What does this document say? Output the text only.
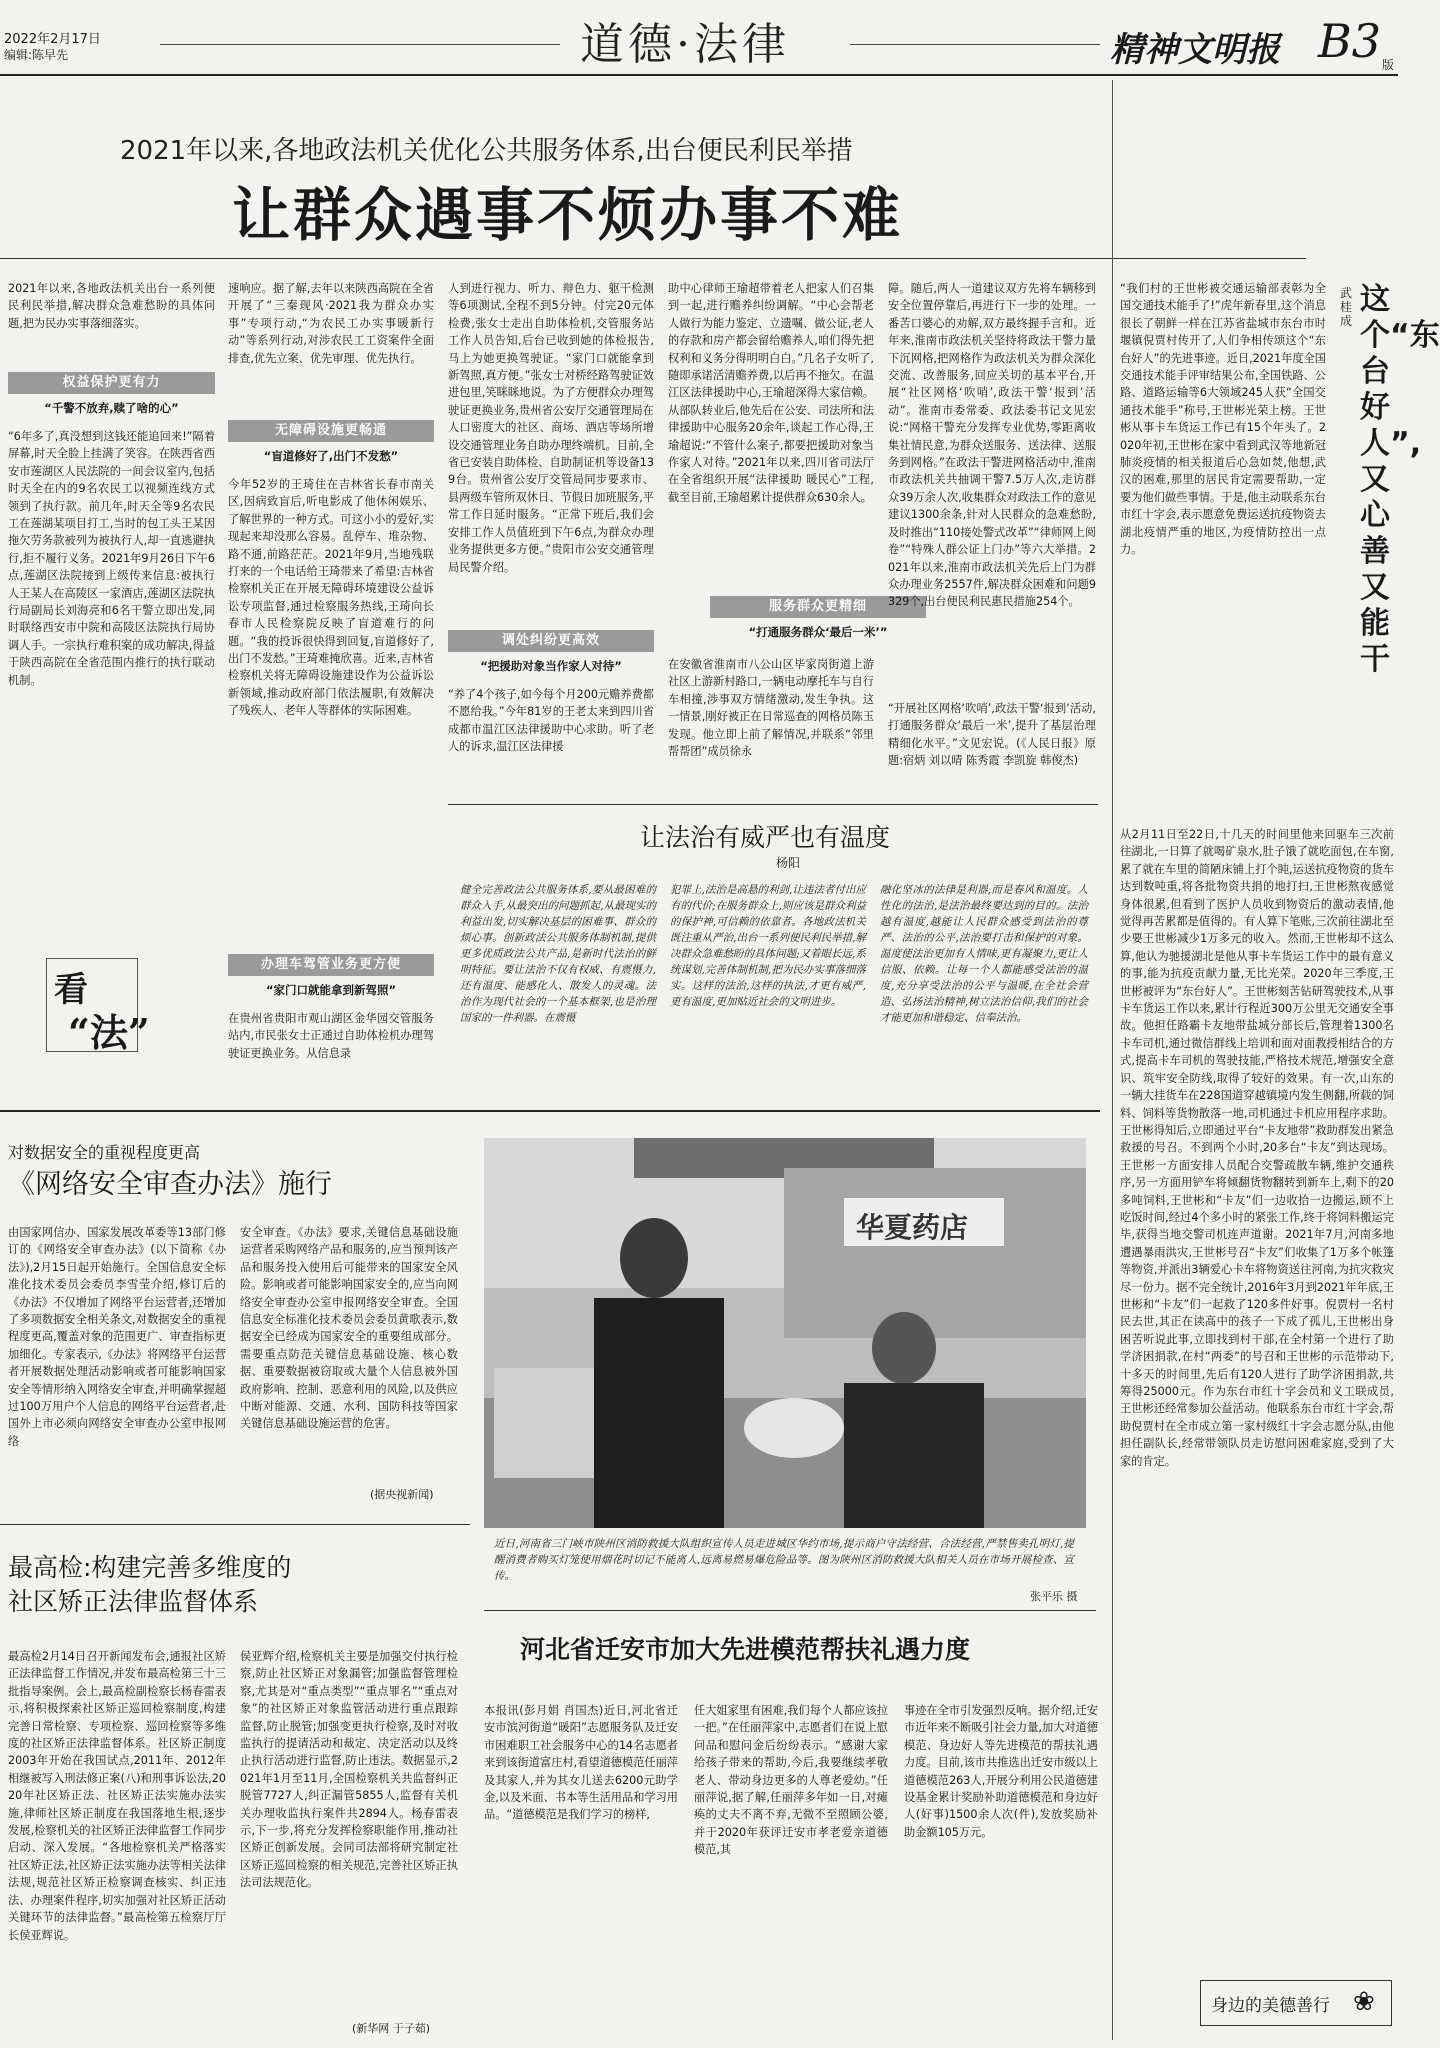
2022年2月17日
编辑:陈早先	道德·法律	精神文明报 B3 版
2021年以来,各地政法机关优化公共服务体系,出台便民利民举措
让群众遇事不烦办事不难
2021年以来,各地政法机关出台一系列便民利民举措,解决群众急难愁盼的具体问题,把为民办实事落细落实。
权益保护更有力
“千警不放弃,赎了啥的心”
“6年多了,真没想到这钱还能追回来!”隔着屏幕,时天全脸上挂满了笑容。在陕西省西安市莲湖区人民法院的一间会议室内,包括时天全在内的9名农民工以视频连线方式领到了执行款。前几年,时天全等9名农民工在莲湖某项目打工,当时的包工头王某因拖欠劳务款被列为被执行人,却一直逃避执行,拒不履行义务。2021年9月26日下午6点,莲湖区法院接到上级传来信息:被执行人王某人在高陵区一家酒店,莲湖区法院执行局副局长刘海亮和6名干警立即出发,同时联络西安市中院和高陵区法院执行局协调人手。一宗执行难积案的成功解决,得益于陕西高院在全省范围内推行的执行联动机制。
速响应。据了解,去年以来陕西高院在全省开展了“三秦现风·2021我为群众办实事”专项行动,“为农民工办实事暖新行动”等系列行动,对涉农民工工资案件全面排查,优先立案、优先审理、优先执行。
无障碍设施更畅通
“盲道修好了,出门不发愁”
今年52岁的王琦住在吉林省长春市南关区,因病致盲后,听电影成了他休闲娱乐、了解世界的一种方式。可这小小的爱好,实现起来却没那么容易。乱停车、堆杂物、路不通,前路茫茫。2021年9月,当地残联打来的一个电话给王琦带来了希望:吉林省检察机关正在开展无障碍环境建设公益诉讼专项监督,通过检察服务热线,王琦向长春市人民检察院反映了盲道难行的问题。“我的投诉很快得到回复,盲道修好了,出门不发愁。”王琦难掩欣喜。近来,吉林省检察机关将无障碍设施建设作为公益诉讼新领域,推动政府部门依法履职,有效解决了残疾人、老年人等群体的实际困难。
办理车驾管业务更方便
“家门口就能拿到新驾照”
在贵州省贵阳市观山湖区金华园交管服务站内,市民张女士正通过自助体检机办理驾驶证更换业务。从信息录
人到进行视力、听力、辩色力、躯干检测等6项测试,全程不到5分钟。付完20元体检费,张女士走出自助体检机,交管服务站工作人员告知,后台已收到她的体检报告,马上为她更换驾驶证。“家门口就能拿到新驾照,真方便。”张女士对桥经路驾驶证效进包里,笑眯眯地说。为了方便群众办理驾驶证更换业务,贵州省公安厅交通管理局在人口密度大的社区、商场、酒店等场所增设交通管理业务自助办理终端机。目前,全省已安装自助体检、自助制证机等设备139台。贵州省公安厅交管局同步要求市、县两级车管所双休日、节假日加班服务,平常工作日延时服务。“正常下班后,我们会安排工作人员值班到下午6点,为群众办理业务提供更多方便。”贵阳市公安交通管理局民警介绍。
调处纠纷更高效
“把援助对象当作家人对待”
“养了4个孩子,如今每个月200元赡养费都不愿给我。”今年81岁的王老太来到四川省成都市温江区法律援助中心求助。听了老人的诉求,温江区法律援
助中心律师王瑜超带着老人把家人们召集到一起,进行赡养纠纷调解。“中心会帮老人做行为能力鉴定、立遗嘱、做公证,老人的存款和房产都会留给赡养人,咱们得先把权利和义务分得明明白白。”几名子女听了,随即承诺活清赡养费,以后再不拖欠。在温江区法律援助中心,王瑜超深得大家信赖。从部队转业后,他先后在公安、司法所和法律援助中心服务20余年,谈起工作心得,王瑜超说:“不管什么案子,都要把援助对象当作家人对待。”2021年以来,四川省司法厅在全省组织开展“法律援助 暖民心”工程,截至目前,王瑜超累计提供群众630余人。
服务群众更精细
“打通服务群众‘最后一米’”
在安徽省淮南市八公山区毕家岗街道上游社区上游新村路口,一辆电动摩托车与自行车相撞,涉事双方情绪激动,发生争执。这一情景,刚好被正在日常巡查的网格员陈玉发现。他立即上前了解情况,并联系“邻里帮帮团”成员徐永
障。随后,两人一道建议双方先将车辆移到安全位置停靠后,再进行下一步的处理。一番苦口婆心的劝解,双方最终握手言和。近年来,淮南市政法机关坚持将政法干警力量下沉网格,把网格作为政法机关为群众深化交流、改善服务,回应关切的基本平台,开展“社区网格‘吹哨’,政法干警‘报到’活动”。淮南市委常委、政法委书记文见宏说:“网格干警充分发挥专业优势,零距离收集社情民意,为群众送服务、送法律、送服务到网格。”在政法干警进网格活动中,淮南市政法机关共抽调干警7.5万人次,走访群众39万余人次,收集群众对政法工作的意见建议1300余条,针对人民群众的急难愁盼,及时推出“110接处警式改革”“律师网上阅卷”“特殊人群公证上门办”等六大举措。2021年以来,淮南市政法机关先后上门为群众办理业务2557件,解决群众困难和问题9329个,出台便民利民惠民措施254个。
“开展社区网格‘吹哨’,政法干警‘报到’活动,打通服务群众‘最后一米’,提升了基层治理精细化水平。”文见宏说。(《人民日报》原题:宿炳 刘以晴 陈秀霞 李凯旋 韩俊杰)
让法治有威严也有温度
杨阳
健全完善政法公共服务体系,要从最困难的群众入手,从最突出的问题抓起,从最现实的利益出发,切实解决基层的困难事、群众的烦心事。创新政法公共服务体制机制,提供更多优质政法公共产品,是新时代法治的鲜明特征。要让法治不仅有权威、有震慑力,还有温度、能感化人、散发人的灵魂。法治作为现代社会的一个基本框架,也是治理国家的一件利器。在震慑
犯罪上,法治是高悬的利剑,让违法者付出应有的代价;在服务群众上,则应该是群众利益的保护神,可信赖的依靠者。各地政法机关既注重从严治,出台一系列便民利民举措,解决群众急难愁盼的具体问题;又着眼长远,系统谋划,完善体制机制,把为民办实事落细落实。这样的法治,这样的执法,才更有威严,更有温度,更加贴近社会的文明进步。
融化坚冰的法律是利器,而是春风和温度。人性化的法治,是法治最终要达到的目的。法治越有温度,越能让人民群众感受到法治的尊严、法治的公平,法治要打击和保护的对象。温度使法治更加有人情味,更有凝聚力,更让人信服、依赖。让每一个人都能感受法治的温度,充分享受法治的公平与温暖,在全社会营造、弘扬法治精神,树立法治信仰,我们的社会才能更加和谐稳定、信奉法治。
看
“法”
对数据安全的重视程度更高
《网络安全审查办法》施行
由国家网信办、国家发展改革委等13部门修订的《网络安全审查办法》(以下简称《办法》),2月15日起开始施行。全国信息安全标准化技术委员会委员李雪莹介绍,修订后的《办法》不仅增加了网络平台运营者,还增加了多项数据安全相关条文,对数据安全的重视程度更高,覆盖对象的范围更广、审查指标更加细化。专家表示,《办法》将网络平台运营者开展数据处理活动影响或者可能影响国家安全等情形纳入网络安全审查,并明确掌握超过100万用户个人信息的网络平台运营者,赴国外上市必须向网络安全审查办公室申报网络
安全审查。《办法》要求,关键信息基础设施运营者采购网络产品和服务的,应当预判该产品和服务投入使用后可能带来的国家安全风险。影响或者可能影响国家安全的,应当向网络安全审查办公室申报网络安全审查。全国信息安全标准化技术委员会委员黄歌表示,数据安全已经成为国家安全的重要组成部分。需要重点防范关键信息基础设施、核心数据、重要数据被窃取或大量个人信息被外国政府影响、控制、恶意利用的风险,以及供应中断对能源、交通、水利、国防科技等国家关键信息基础设施运营的危害。
(据央视新闻)
最高检:构建完善多维度的
社区矫正法律监督体系
最高检2月14日召开新闻发布会,通报社区矫正法律监督工作情况,并发布最高检第三十三批指导案例。会上,最高检副检察长杨春雷表示,将积极探索社区矫正巡回检察制度,构建完善日常检察、专项检察、巡回检察等多维度的社区矫正法律监督体系。社区矫正制度2003年开始在我国试点,2011年、2012年相继被写入刑法修正案(八)和刑事诉讼法,2020年社区矫正法、社区矫正法实施办法实施,律师社区矫正制度在我国落地生根,逐步发展,检察机关的社区矫正法律监督工作同步启动、深入发展。“各地检察机关严格落实社区矫正法,社区矫正法实施办法等相关法律法规,规范社区矫正检察调查核实、纠正违法、办理案件程序,切实加强对社区矫正活动关键环节的法律监督。”最高检第五检察厅厅长侯亚辉说。
侯亚辉介绍,检察机关主要是加强交付执行检察,防止社区矫正对象漏管;加强监督管理检察,尤其是对“重点类型”“重点罪名”“重点对象”的社区矫正对象监管活动进行重点跟踪监督,防止脱管;加强变更执行检察,及时对收监执行的提请活动和裁定、决定活动以及终止执行活动进行监督,防止违法。数据显示,2021年1月至11月,全国检察机关共监督纠正脱管7727人,纠正漏管5855人,监督有关机关办理收监执行案件共2894人。杨春雷表示,下一步,将充分发挥检察职能作用,推动社区矫正创新发展。会同司法部将研究制定社区矫正巡回检察的相关规范,完善社区矫正执法司法规范化。
(新华网 于子茹)
华夏药店
近日,河南省三门峡市陕州区消防救援大队组织宣传人员走进城区华约市场,提示商户守法经营、合法经营,严禁售卖孔明灯,提醒消费者购买灯笼使用烟花时切记不能离人,远离易燃易爆危险品等。图为陕州区消防救援大队相关人员在市场开展检查、宣传。
张平乐 摄
河北省迁安市加大先进模范帮扶礼遇力度
本报讯(彭月娟 肖国杰)近日,河北省迁安市滨河街道“暖阳”志愿服务队及迁安市困难职工社会服务中心的14名志愿者来到该街道富庄村,看望道德模范任丽萍及其家人,并为其女儿送去6200元助学金,以及米面、书本等生活用品和学习用品。“道德模范是我们学习的榜样,
任大姐家里有困难,我们每个人都应该拉一把。”在任丽萍家中,志愿者们在说上慰问品和慰问金后纷纷表示。“感谢大家给孩子带来的帮助,今后,我要继续孝敬老人、带动身边更多的人尊老爱幼。”任丽萍说,据了解,任丽萍多年如一日,对瘫痪的丈夫不离不弃,无微不至照顾公婆,并于2020年获评迁安市孝老爱亲道德模范,其
事迹在全市引发强烈反响。据介绍,迁安市近年来不断吸引社会力量,加大对道德模范、身边好人等先进模范的帮扶礼遇力度。目前,该市共推选出迁安市级以上道德模范263人,开展分利用公民道德建设基金累计奖励补助道德模范和身边好人(好事)1500余人次(件),发放奖励补助金额105万元。
“我们村的王世彬被交通运输部表彰为全国交通技术能手了!”虎年新春里,这个消息很长了朝鲜一样在江苏省盐城市东台市时堰镇倪贾村传开了,人们争相传颂这个“东台好人”的先进事迹。近日,2021年度全国交通技术能手评审结果公布,全国铁路、公路、道路运输等6大领域245人获“全国交通技术能手”称号,王世彬光荣上榜。王世彬从事卡车货运工作已有15个年头了。2020年初,王世彬在家中看到武汉等地新冠肺炎疫情的相关报道后心急如焚,他想,武汉的困难,那里的居民肯定需要帮助,一定要为他们做些事情。于是,他主动联系东台市红十字会,表示愿意免费运送抗疫物资去湖北疫情严重的地区,为疫情防控出一点力。
武桂成
这个“东台好人”,又心善又能干
从2月11日至22日,十几天的时间里他来回驱车三次前往湖北,一日算了就喝矿泉水,肚子饿了就吃面包,在车窗,累了就在车里的简陋床铺上打个盹,运送抗疫物资的货车达到数吨重,将各批物资共捐的地打扫,王世彬熬夜感觉身体很累,但看到了医护人员收到物资后的激动表情,他觉得再苦累都是值得的。有人算下笔账,三次前往湖北至少要王世彬减少1万多元的收入。然而,王世彬却不这么算,他认为驰援湖北是他从事卡车货运工作中的最有意义的事,能为抗疫贡献力量,无比光荣。2020年三季度,王世彬被评为“东台好人”。王世彬刻苦钻研驾驶技术,从事卡车货运工作以来,累计行程近300万公里无交通安全事故。他担任路霸卡友地带盐城分部长后,管理着1300名卡车司机,通过微信群线上培训和面对面教授相结合的方式,提高卡车司机的驾驶技能,严格技术规范,增强安全意识、筑牢安全防线,取得了较好的效果。有一次,山东的一辆大挂货车在228国道穿越镇境内发生侧翻,所载的饲料、饲料等货物散落一地,司机通过卡机应用程序求助。王世彬得知后,立即通过平台“卡友地带”救助群发出紧急救援的号召。不到两个小时,20多台“卡友”到达现场。王世彬一方面安排人员配合交警疏散车辆,维护交通秩序,另一方面用铲车将倾翻货物翻转到新车上,剩下的20多吨饲料,王世彬和“卡友”们一边收拾一边搬运,顾不上吃饭时间,经过4个多小时的紧张工作,终于将饲料搬运完毕,获得当地交警司机连声道谢。2021年7月,河南多地遭遇暴雨洪灾,王世彬号召“卡友”们收集了1万多个帐篷等物资,并派出3辆爱心卡车将物资送往河南,为抗灾救灾尽一份力。据不完全统计,2016年3月到2021年年底,王世彬和“卡友”们一起救了120多件好事。倪贾村一名村民去世,其正在读高中的孩子一下成了孤儿,王世彬出身困苦听说此事,立即找到村干部,在全村第一个进行了助学济困捐款,在村“两委”的号召和王世彬的示范带动下,十多天的时间里,先后有120人进行了助学济困捐款,共筹得25000元。作为东台市红十字会员和义工联成员,王世彬还经常参加公益活动。他联系东台市红十字会,帮助倪贾村在全市成立第一家村级红十字会志愿分队,由他担任副队长,经常带领队员走访慰问困难家庭,受到了大家的肯定。
身边的美德善行 ❀
